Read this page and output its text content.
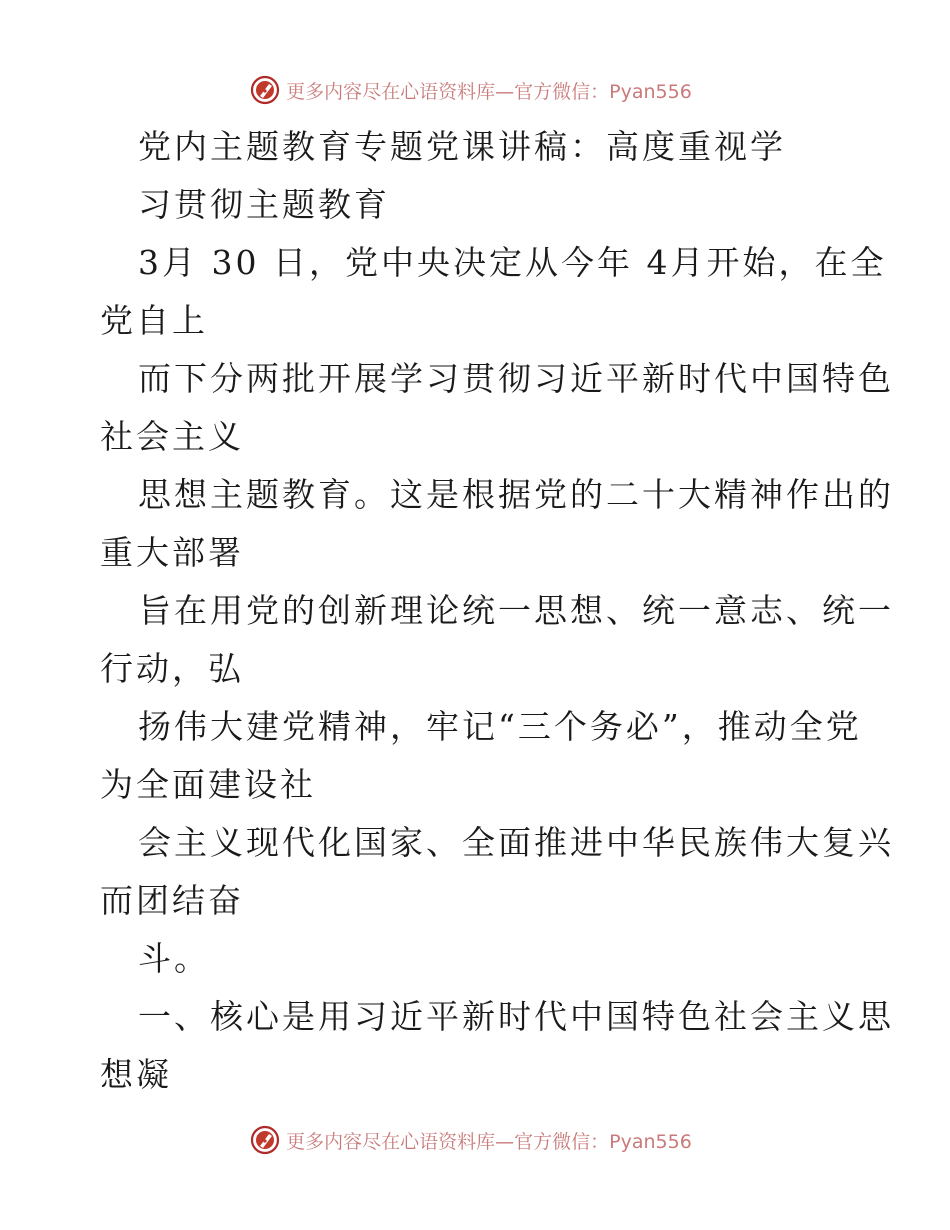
更多内容尽在心语资料库—官方微信：Pyan556
党内主题教育专题党课讲稿：高度重视学
习贯彻主题教育
3月 30 日，党中央决定从今年 4月开始，在全
党自上
而下分两批开展学习贯彻习近平新时代中国特色
社会主义
思想主题教育。这是根据党的二十大精神作出的
重大部署
旨在用党的创新理论统一思想、统一意志、统一
行动，弘
扬伟大建党精神，牢记“三个务必”，推动全党
为全面建设社
会主义现代化国家、全面推进中华民族伟大复兴
而团结奋
斗。
一、核心是用习近平新时代中国特色社会主义思
想凝
更多内容尽在心语资料库—官方微信：Pyan556
